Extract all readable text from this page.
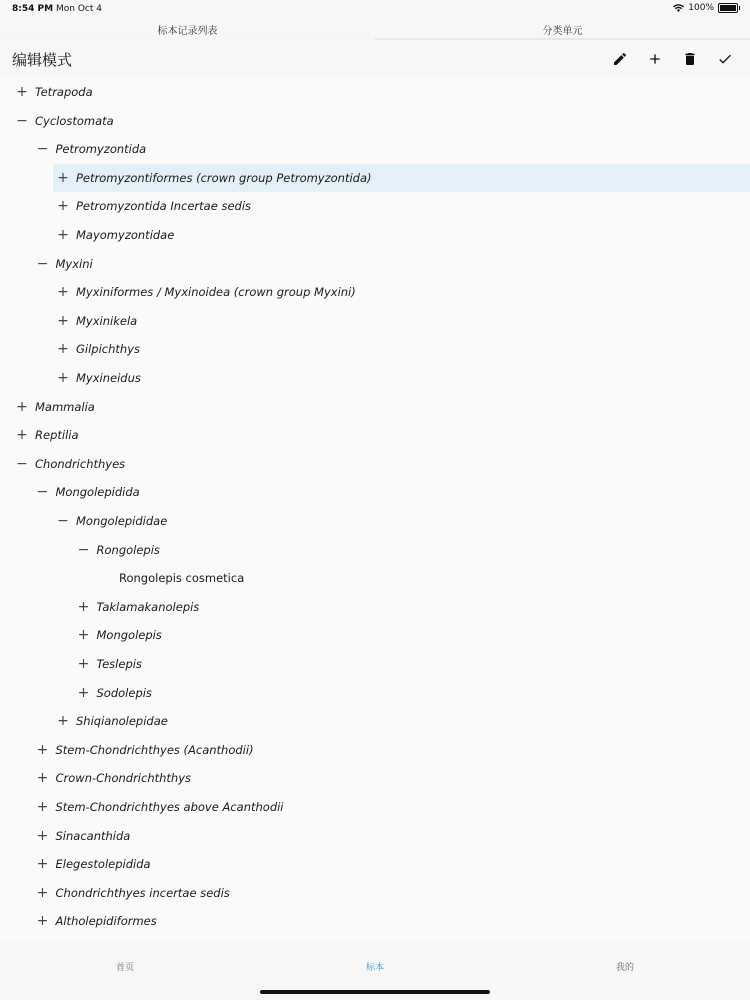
8:54 PM Mon Oct 4	100%
标本记录列表	分类单元
编辑模式
+ Tetrapoda
− Cyclostomata
− Petromyzontida
+ Petromyzontiformes (crown group Petromyzontida)
+ Petromyzontida Incertae sedis
+ Mayomyzontidae
− Myxini
+ Myxiniformes / Myxinoidea (crown group Myxini)
+ Myxinikela
+ Gilpichthys
+ Myxineidus
+ Mammalia
+ Reptilia
− Chondrichthyes
− Mongolepidida
− Mongolepididae
− Rongolepis
Rongolepis cosmetica
+ Taklamakanolepis
+ Mongolepis
+ Teslepis
+ Sodolepis
+ Shiqianolepidae
+ Stem-Chondrichthyes (Acanthodii)
+ Crown-Chondrichththys
+ Stem-Chondrichthyes above Acanthodii
+ Sinacanthida
+ Elegestolepidida
+ Chondrichthyes incertae sedis
+ Altholepidiformes
首页	标本	我的
